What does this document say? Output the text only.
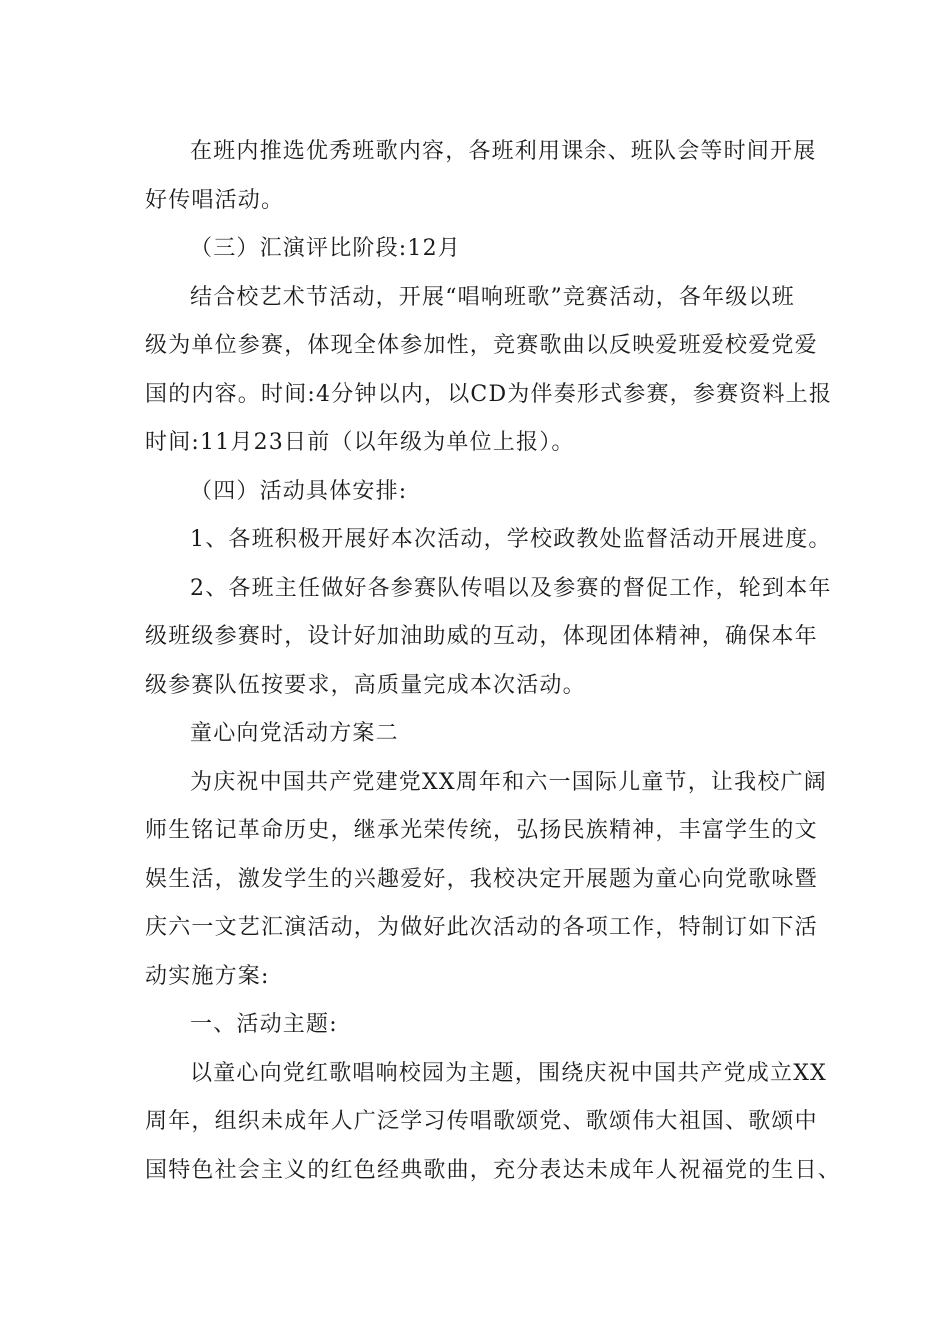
在班内推选优秀班歌内容，各班利用课余、班队会等时间开展
好传唱活动。
（三）汇演评比阶段:12月
结合校艺术节活动，开展“唱响班歌”竞赛活动，各年级以班
级为单位参赛，体现全体参加性，竞赛歌曲以反映爱班爱校爱党爱
国的内容。时间:4分钟以内，以CD为伴奏形式参赛，参赛资料上报
时间:11月23日前（以年级为单位上报）。
（四）活动具体安排:
1、各班积极开展好本次活动，学校政教处监督活动开展进度。
2、各班主任做好各参赛队传唱以及参赛的督促工作，轮到本年
级班级参赛时，设计好加油助威的互动，体现团体精神，确保本年
级参赛队伍按要求，高质量完成本次活动。
童心向党活动方案二
为庆祝中国共产党建党XX周年和六一国际儿童节，让我校广阔
师生铭记革命历史，继承光荣传统，弘扬民族精神，丰富学生的文
娱生活，激发学生的兴趣爱好，我校决定开展题为童心向党歌咏暨
庆六一文艺汇演活动，为做好此次活动的各项工作，特制订如下活
动实施方案:
一、活动主题:
以童心向党红歌唱响校园为主题，围绕庆祝中国共产党成立XX
周年，组织未成年人广泛学习传唱歌颂党、歌颂伟大祖国、歌颂中
国特色社会主义的红色经典歌曲，充分表达未成年人祝福党的生日、
